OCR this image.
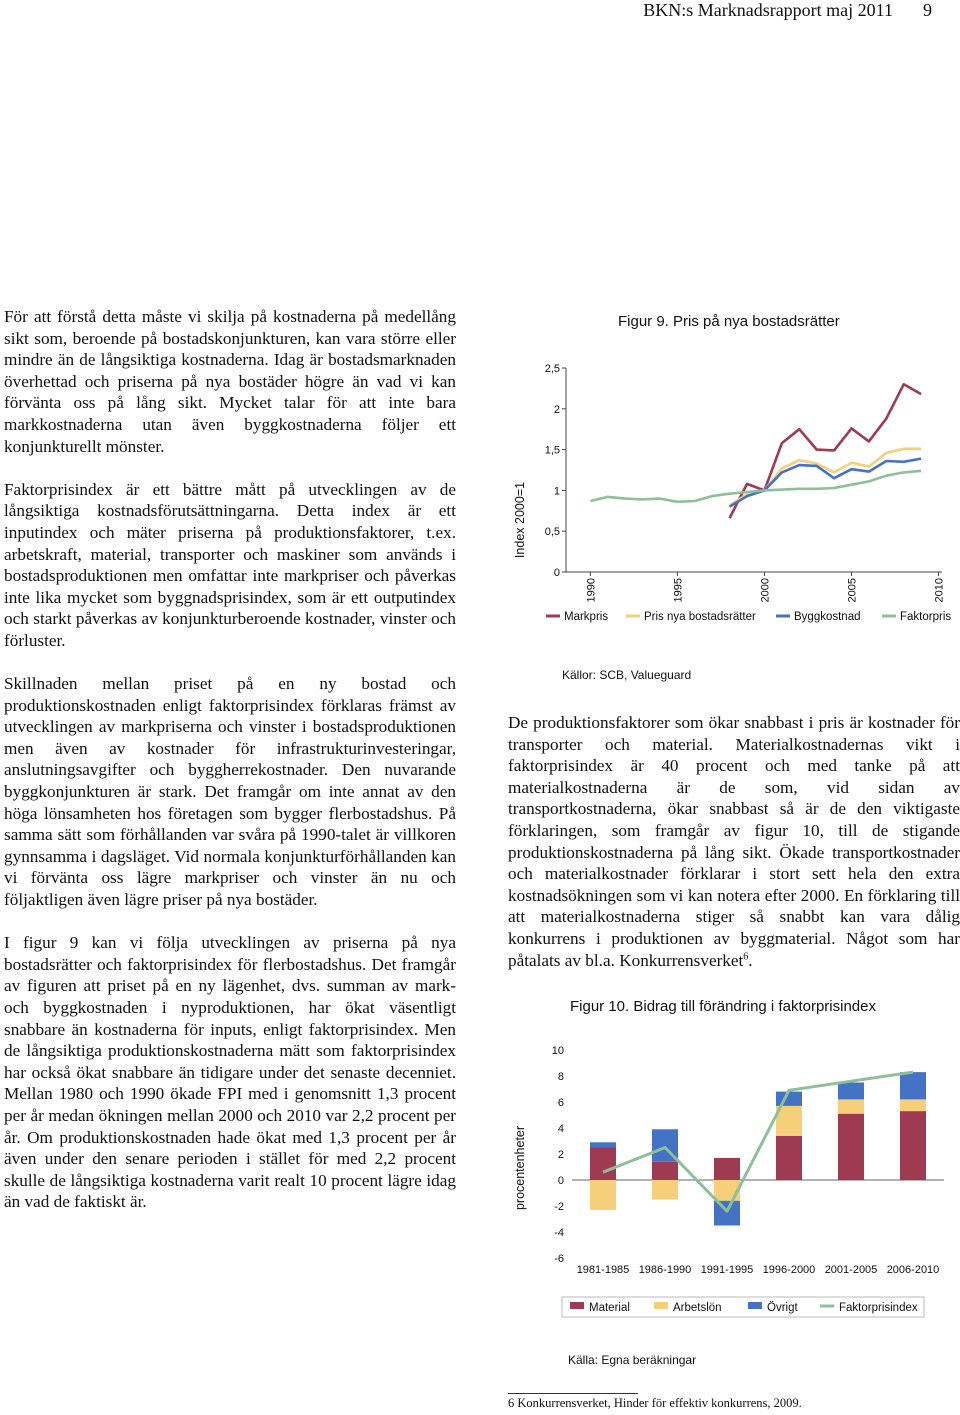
BKN:s Marknadsrapport maj 2011 9

För att förstå detta måste vi skilja på kostnaderna på medellång sikt som, beroende på bostadskonjunkturen, kan vara större eller mindre än de långsiktiga kostnaderna. Idag är bostadsmarknaden överhettad och priserna på nya bostäder högre än vad vi kan förvänta oss på lång sikt. Mycket talar för att inte bara markkostnaderna utan även byggkostnaderna följer ett konjunkturellt mönster.

Faktorprisindex är ett bättre mått på utvecklingen av de långsiktiga kostnadsförutsättningarna. Detta index är ett inputindex och mäter priserna på produktionsfaktorer, t.ex. arbetskraft, material, transporter och maskiner som används i bostadsproduktionen men omfattar inte markpriser och påverkas inte lika mycket som byggnadsprisindex, som är ett outputindex och starkt påverkas av konjunkturberoende kostnader, vinster och förluster.

Skillnaden mellan priset på en ny bostad och produktionskostnaden enligt faktorprisindex förklaras främst av utvecklingen av markpriserna och vinster i bostadsproduktionen men även av kostnader för infrastrukturinvesteringar, anslutningsavgifter och byggherrekostnader. Den nuvarande byggkonjunkturen är stark. Det framgår om inte annat av den höga lönsamheten hos företagen som bygger flerbostadshus. På samma sätt som förhållanden var svåra på 1990-talet är villkoren gynnsamma i dagsläget. Vid normala konjunkturförhållanden kan vi förvänta oss lägre markpriser och vinster än nu och följaktligen även lägre priser på nya bostäder.

I figur 9 kan vi följa utvecklingen av priserna på nya bostadsrätter och faktorprisindex för flerbostadshus. Det framgår av figuren att priset på en ny lägenhet, dvs. summan av mark- och byggkostnaden i nyproduktionen, har ökat väsentligt snabbare än kostnaderna för inputs, enligt faktorprisindex. Men de långsiktiga produktionskostnaderna mätt som faktorprisindex har också ökat snabbare än tidigare under det senaste decenniet. Mellan 1980 och 1990 ökade FPI med i genomsnitt 1,3 procent per år medan ökningen mellan 2000 och 2010 var 2,2 procent per år. Om produktionskostnaden hade ökat med 1,3 procent per år även under den senare perioden i stället för med 2,2 procent skulle de långsiktiga kostnaderna varit realt 10 procent lägre idag än vad de faktiskt är.

Figur 9. Pris på nya bostadsrätter
0
0,5
1
1,5
2
2,5
1990	1995	2000	2005	2010
Index 2000=1
Markpris	Pris nya bostadsrätter	Byggkostnad	Faktorpris
Källor: SCB, Valueguard

De produktionsfaktorer som ökar snabbast i pris är kostnader för transporter och material. Materialkostnadernas vikt i faktorprisindex är 40 procent och med tanke på att materialkostnaderna är de som, vid sidan av transportkostnaderna, ökar snabbast så är de den viktigaste förklaringen, som framgår av figur 10, till de stigande produktionskostnaderna på lång sikt. Ökade transportkostnader och materialkostnader förklarar i stort sett hela den extra kostnadsökningen som vi kan notera efter 2000. En förklaring till att materialkostnaderna stiger så snabbt kan vara dålig konkurrens i produktionen av byggmaterial. Något som har påtalats av bl.a. Konkurrensverket$^6$.

Figur 10. Bidrag till förändring i faktorprisindex
10
8
6
4
2
0
-2
-4
-6
procentenheter
1981-1985 1986-1990 1991-1995 1996-2000 2001-2005 2006-2010
Material	Arbetslön	Övrigt	Faktorprisindex
Källa: Egna beräkningar
6 Konkurrensverket, Hinder för effektiv konkurrens, 2009.
